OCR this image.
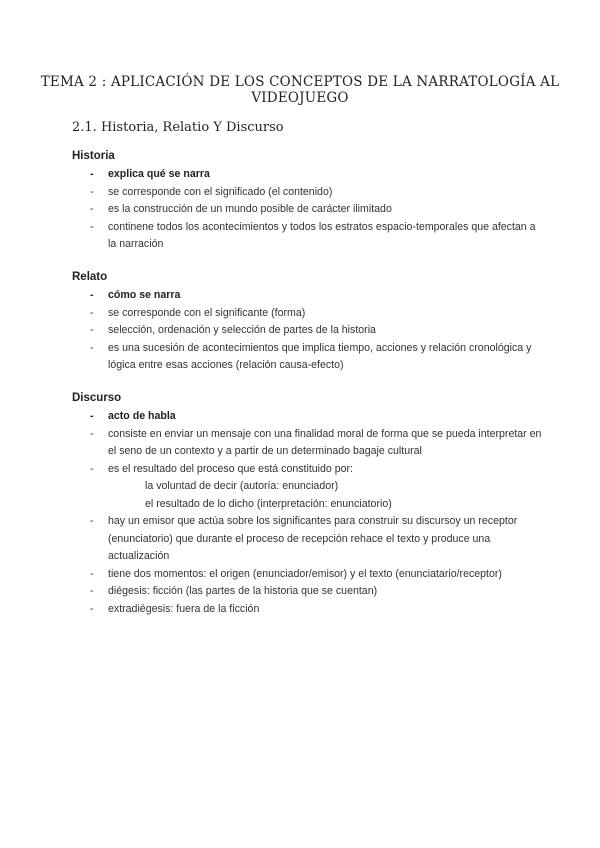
TEMA 2 : APLICACIÓN DE LOS CONCEPTOS DE LA NARRATOLOGÍA AL VIDEOJUEGO
2.1. Historia, Relatio Y Discurso
Historia
- explica qué se narra
- se corresponde con el significado (el contenido)
- es la construcción de un mundo posible de carácter ilimitado
- continene todos los acontecimientos y todos los estratos espacio-temporales que afectan a la narración
Relato
- cómo se narra
- se corresponde con el significante (forma)
- selección, ordenación y selección de partes de la historia
- es una sucesión de acontecimientos que implica tiempo, acciones y relación cronológica y lógica entre esas acciones (relación causa-efecto)
Discurso
- acto de habla
- consiste en enviar un mensaje con una finalidad moral de forma que se pueda interpretar en el seno de un contexto y a partir de un determinado bagaje cultural
- es el resultado del proceso que está constituido por:
la voluntad de decir (autoría: enunciador)
el resultado de lo dicho (interpretación: enunciatorio)
- hay un emisor que actúa sobre los significantes para construir su discursoy un receptor (enunciatorio) que durante el proceso de recepción rehace el texto y produce una actualización
- tiene dos momentos: el origen (enunciador/emisor) y el texto (enunciatario/receptor)
- diégesis: ficción (las partes de la historia que se cuentan)
- extradiégesis: fuera de la ficción
